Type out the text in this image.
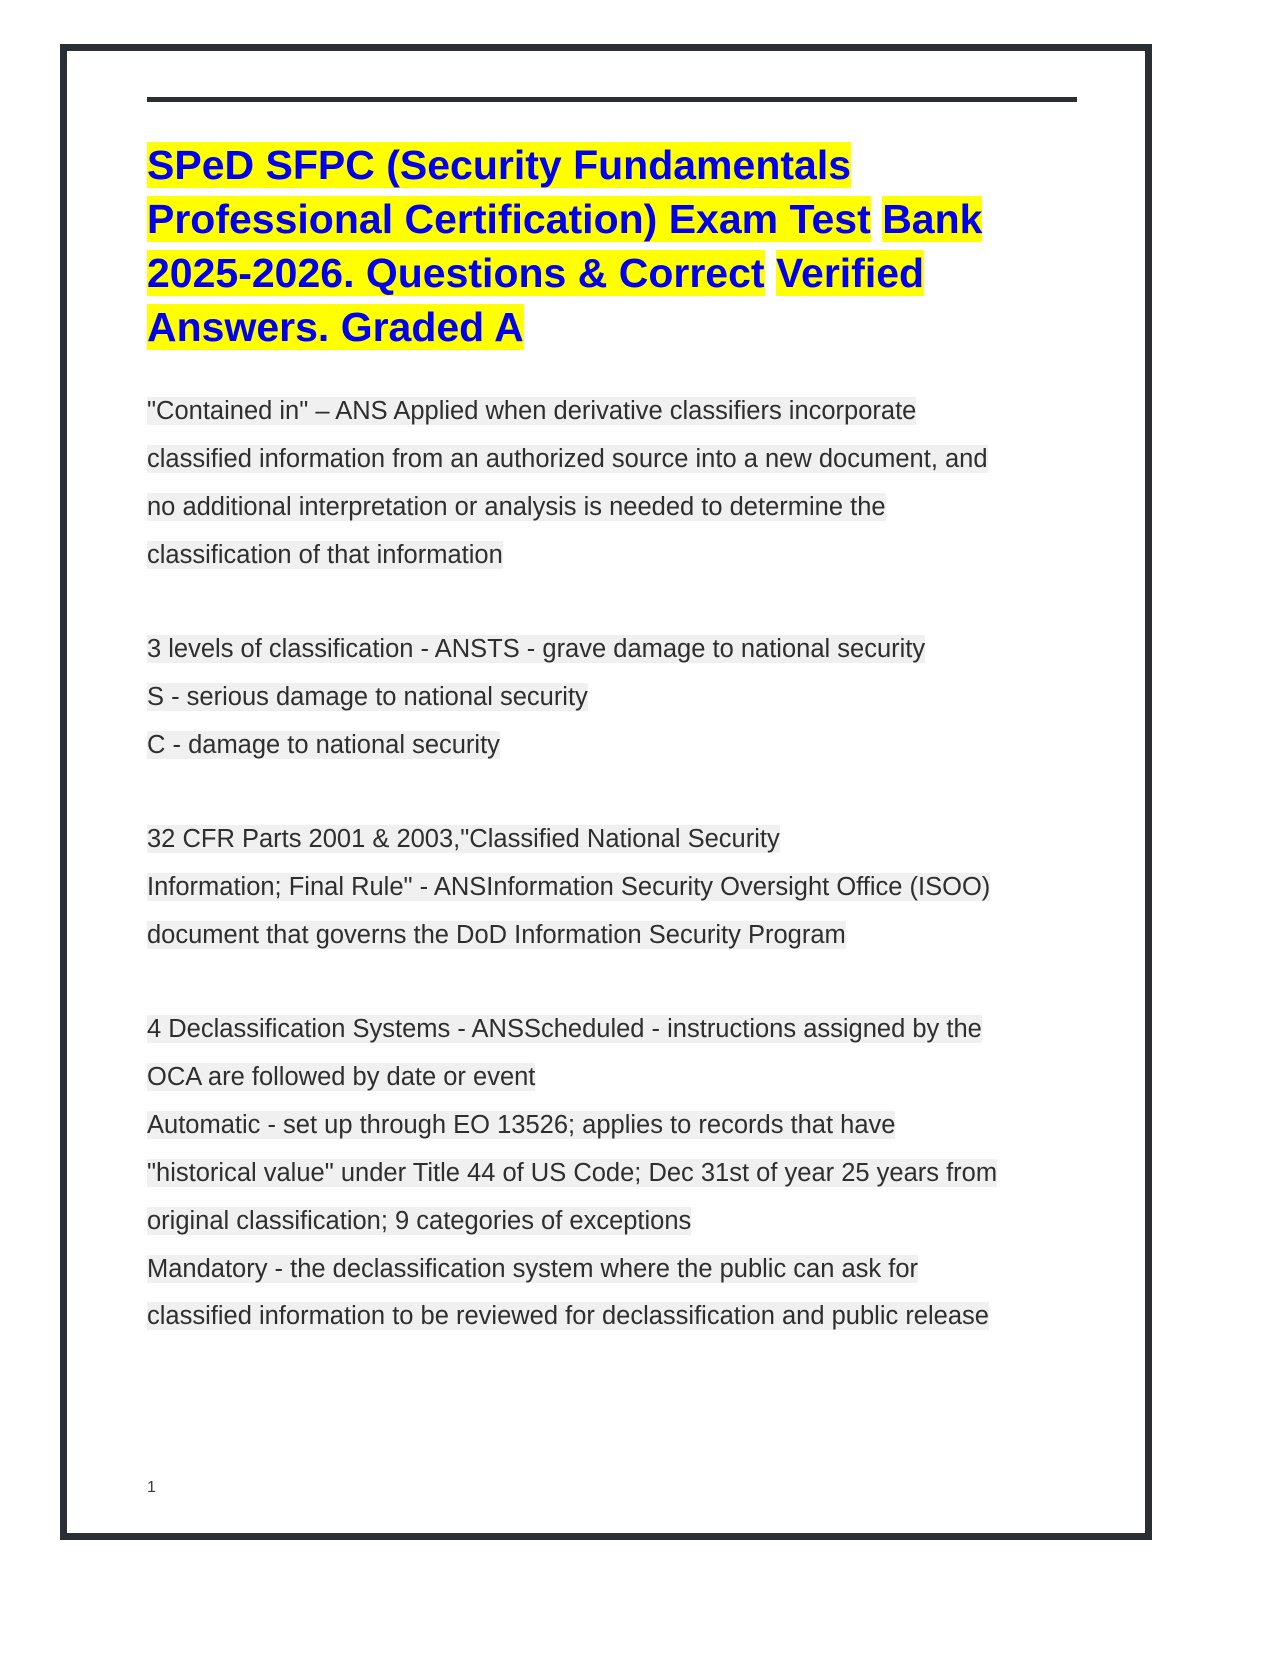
SPeD SFPC (Security Fundamentals Professional Certification) Exam Test Bank 2025-2026. Questions & Correct Verified Answers. Graded A

"Contained in" – ANS Applied when derivative classifiers incorporate
classified information from an authorized source into a new document, and
no additional interpretation or analysis is needed to determine the
classification of that information

3 levels of classification - ANSTS - grave damage to national security
S - serious damage to national security
C - damage to national security

32 CFR Parts 2001 & 2003,"Classified National Security
Information; Final Rule" - ANSInformation Security Oversight Office (ISOO)
document that governs the DoD Information Security Program

4 Declassification Systems - ANSScheduled - instructions assigned by the
OCA are followed by date or event
Automatic - set up through EO 13526; applies to records that have
"historical value" under Title 44 of US Code; Dec 31st of year 25 years from
original classification; 9 categories of exceptions
Mandatory - the declassification system where the public can ask for
classified information to be reviewed for declassification and public release

1
